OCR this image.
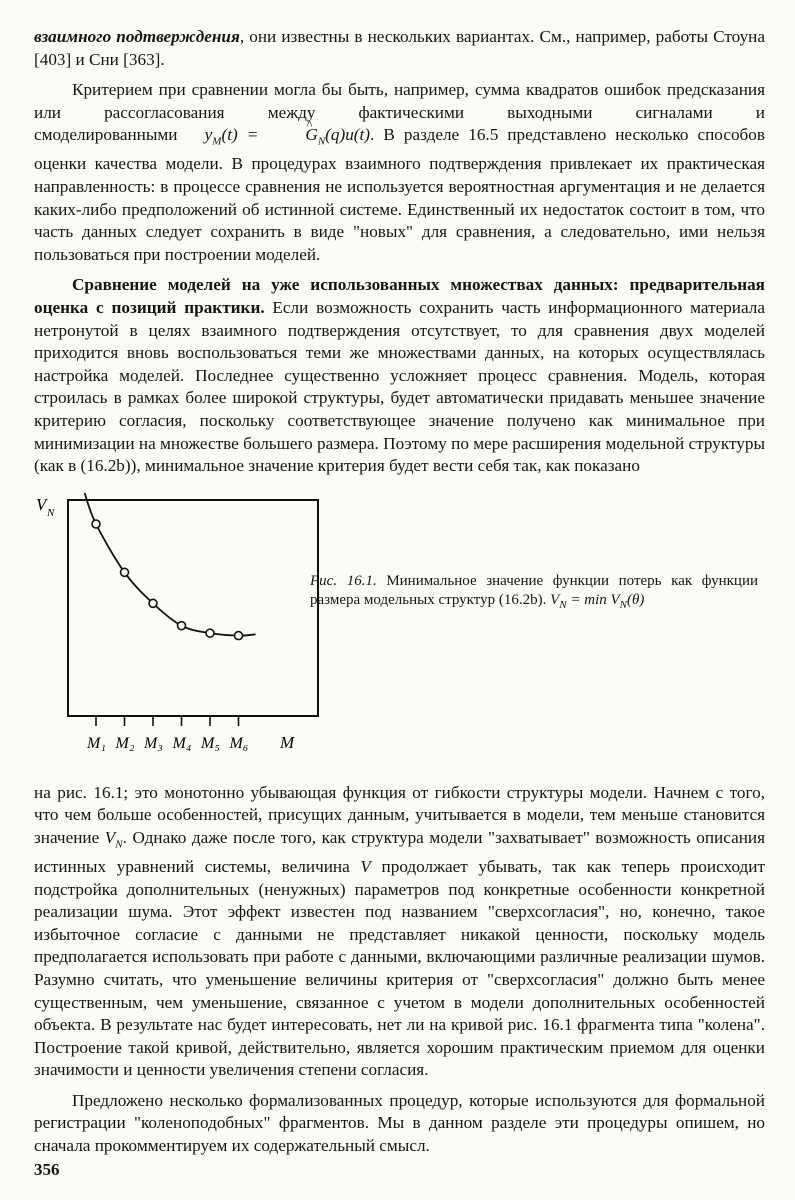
взаимного подтверждения, они известны в нескольких вариантах. См., например, работы Стоуна [403] и Сни [363].

Критерием при сравнении могла бы быть, например, сумма квадратов ошибок предсказания или рассогласования между фактическими выходными сигналами и смоделированными $y_M(t)$ = ^ $G_N(q)u(t)$. В разделе 16.5 представлено несколько способов оценки качества модели. В процедурах взаимного подтверждения привлекает их практическая направленность: в процессе сравнения не используется вероятностная аргументация и не делается каких-либо предположений об истинной системе. Единственный их недостаток состоит в том, что часть данных следует сохранить в виде "новых" для сравнения, а следовательно, ими нельзя пользоваться при построении моделей.

Сравнение моделей на уже использованных множествах данных: предварительная оценка с позиций практики. Если возможность сохранить часть информационного материала нетронутой в целях взаимного подтверждения отсутствует, то для сравнения двух моделей приходится вновь воспользоваться теми же множествами данных, на которых осуществлялась настройка моделей. Последнее существенно усложняет процесс сравнения. Модель, которая строилась в рамках более широкой структуры, будет автоматически придавать меньшее значение критерию согласия, поскольку соответствующее значение получено как минимальное при минимизации на множестве большего размера. Поэтому по мере расширения модельной структуры (как в (16.2b)), минимальное значение критерия будет вести себя так, как показано

V N
M₁ M₂ M₃ M₄ M₅ M₆ M
Рис. 16.1. Минимальное значение функции потерь как функции размера модельных структур (16.2b). $V_N = \min V_N(\theta)$

на рис. 16.1; это монотонно убывающая функция от гибкости структуры модели. Начнем с того, что чем больше особенностей, присущих данным, учитывается в модели, тем меньше становится значение $V_N$. Однако даже после того, как структура модели "захватывает" возможность описания истинных уравнений системы, величина V продолжает убывать, так как теперь происходит подстройка дополнительных (ненужных) параметров под конкретные особенности конкретной реализации шума. Этот эффект известен под названием "сверхсогласия", но, конечно, такое избыточное согласие с данными не представляет никакой ценности, поскольку модель предполагается использовать при работе с данными, включающими различные реализации шумов. Разумно считать, что уменьшение величины критерия от "сверхсогласия" должно быть менее существенным, чем уменьшение, связанное с учетом в модели дополнительных особенностей объекта. В результате нас будет интересовать, нет ли на кривой рис. 16.1 фрагмента типа "колена". Построение такой кривой, действительно, является хорошим практическим приемом для оценки значимости и ценности увеличения степени согласия.

Предложено несколько формализованных процедур, которые используются для формальной регистрации "коленоподобных" фрагментов. Мы в данном разделе эти процедуры опишем, но сначала прокомментируем их содержательный смысл.

356
